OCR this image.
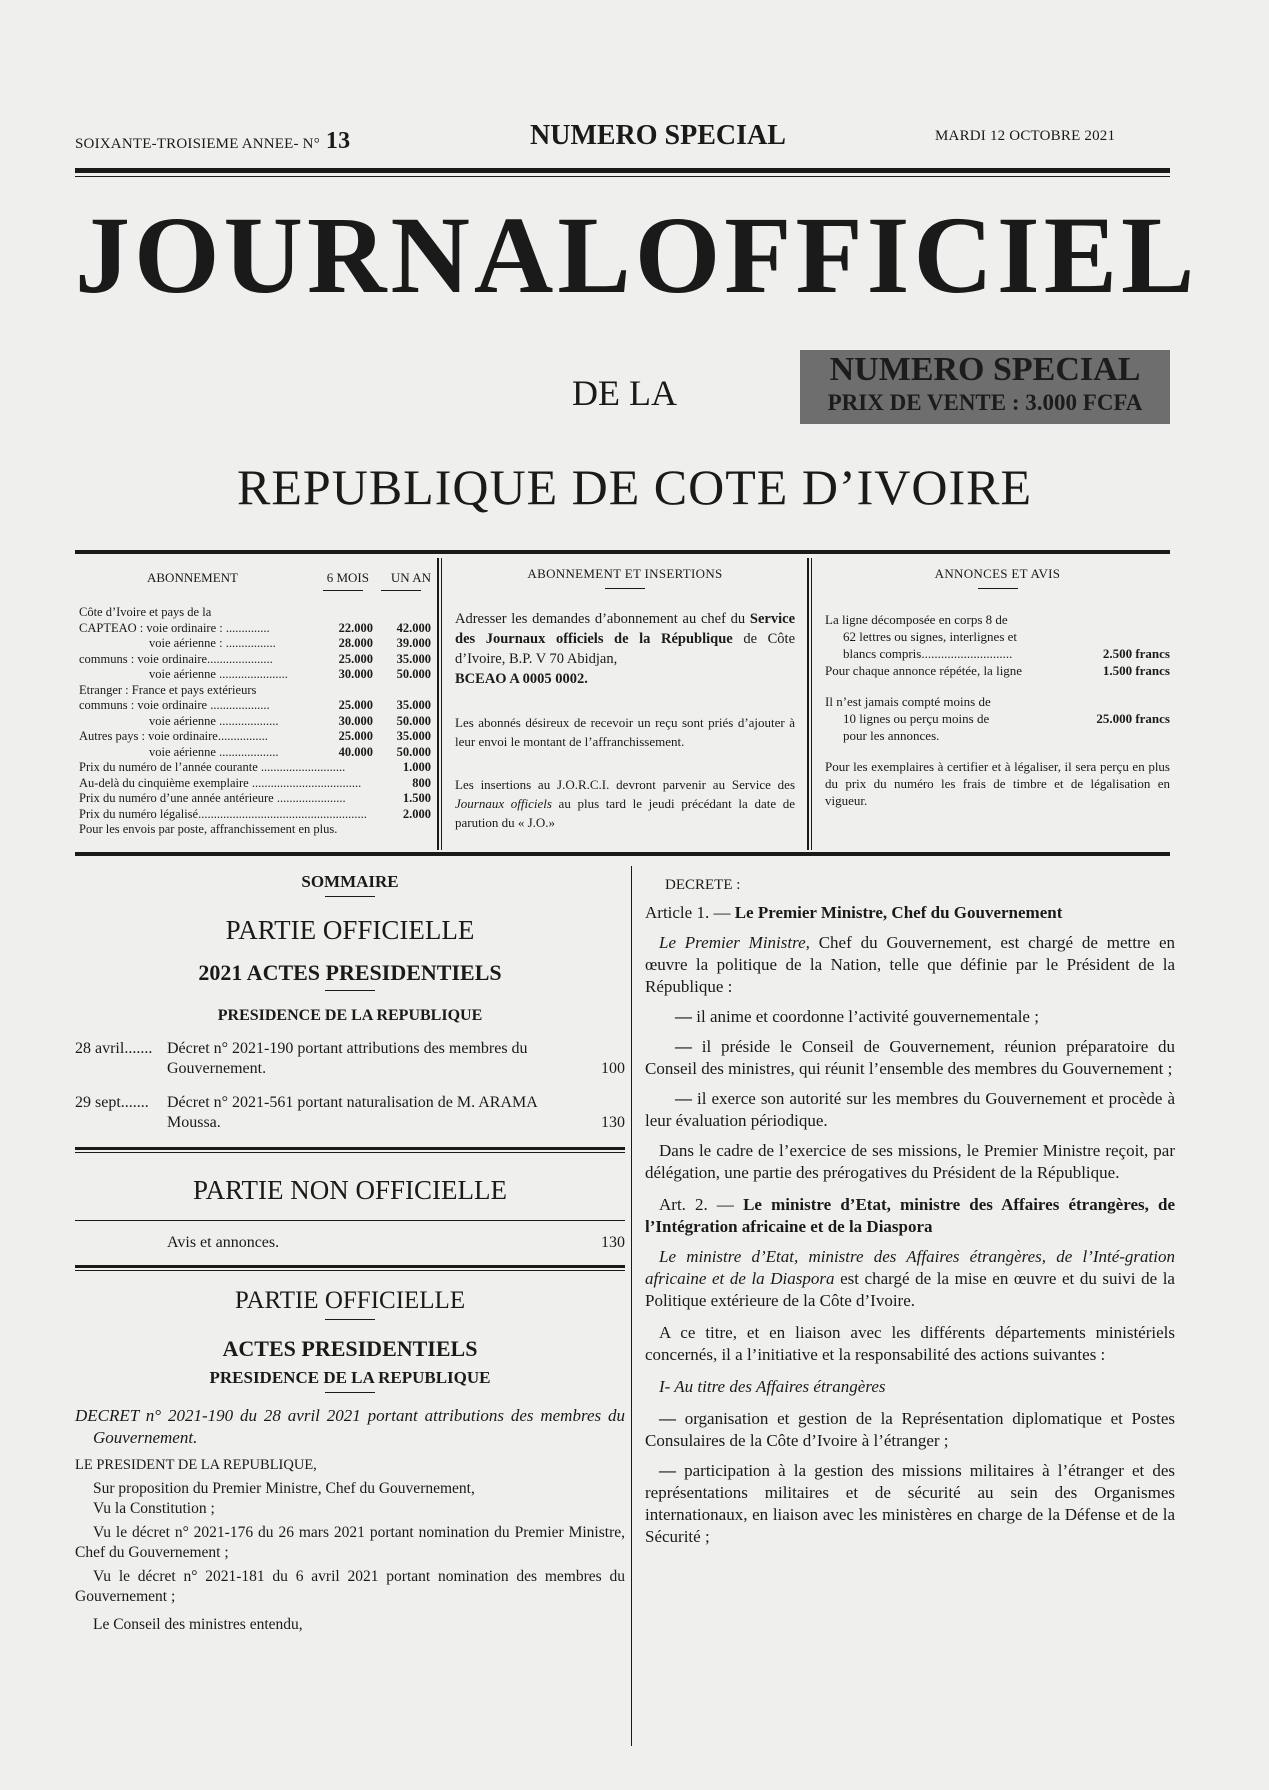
SOIXANTE-TROISIEME ANNEE- N° 13	NUMERO SPECIAL	MARDI 12 OCTOBRE 2021
JOURNAL OFFICIEL
DE LA
NUMERO SPECIAL
PRIX DE VENTE : 3.000 FCFA
REPUBLIQUE DE COTE D’IVOIRE
ABONNEMENT	6 MOIS	UN AN
Côte d’Ivoire et pays de la
CAPTEAO : voie ordinaire : ..............	22.000	42.000
voie aérienne : ................	28.000	39.000
communs : voie ordinaire.....................	25.000	35.000
voie aérienne ......................	30.000	50.000
Etranger : France et pays extérieurs
communs : voie ordinaire ...................	25.000	35.000
voie aérienne ...................	30.000	50.000
Autres pays : voie ordinaire................	25.000	35.000
voie aérienne ...................	40.000	50.000
Prix du numéro de l’année courante ...........................	1.000
Au-delà du cinquième exemplaire ...................................	800
Prix du numéro d’une année antérieure ......................	1.500
Prix du numéro légalisé......................................................	2.000
Pour les envois par poste, affranchissement en plus.
ABONNEMENT ET INSERTIONS

Adresser les demandes d’abonnement au chef du Service des Journaux officiels de la République de Côte d’Ivoire, B.P. V 70 Abidjan,
BCEAO A 0005 0002.

Les abonnés désireux de recevoir un reçu sont priés d’ajouter à leur envoi le montant de l’affranchissement.

Les insertions au J.O.R.C.I. devront parvenir au Service des Journaux officiels au plus tard le jeudi précédant la date de parution du « J.O.»

ANNONCES ET AVIS
La ligne décomposée en corps 8 de
62 lettres ou signes, interlignes et
blancs compris............................	2.500 francs
Pour chaque annonce répétée, la ligne	1.500 francs
Il n’est jamais compté moins de
10 lignes ou perçu moins de	25.000 francs
pour les annonces.
Pour les exemplaires à certifier et à légaliser, il sera perçu en plus du prix du numéro les frais de timbre et de légalisation en vigueur.
SOMMAIRE
PARTIE OFFICIELLE
2021 ACTES PRESIDENTIELS
PRESIDENCE DE LA REPUBLIQUE
28 avril....... Décret n° 2021-190 portant attributions des membres du Gouvernement.	100
29 sept.......	Décret n° 2021-561 portant naturalisation de M. ARAMA Moussa.	130
PARTIE NON OFFICIELLE
Avis et annonces.	130
PARTIE OFFICIELLE
ACTES PRESIDENTIELS
PRESIDENCE DE LA REPUBLIQUE

DECRET n° 2021-190 du 28 avril 2021 portant attributions des membres du Gouvernement.

LE PRESIDENT DE LA REPUBLIQUE,

Sur proposition du Premier Ministre, Chef du Gouvernement,

Vu la Constitution ;

Vu le décret n° 2021-176 du 26 mars 2021 portant nomination du Premier Ministre, Chef du Gouvernement ;

Vu le décret n° 2021-181 du 6 avril 2021 portant nomination des membres du Gouvernement ;

Le Conseil des ministres entendu,

DECRETE :

Article 1. — Le Premier Ministre, Chef du Gouvernement

Le Premier Ministre, Chef du Gouvernement, est chargé de mettre en œuvre la politique de la Nation, telle que définie par le Président de la République :

— il anime et coordonne l’activité gouvernementale ;

— il préside le Conseil de Gouvernement, réunion préparatoire du Conseil des ministres, qui réunit l’ensemble des membres du Gouvernement ;

— il exerce son autorité sur les membres du Gouvernement et procède à leur évaluation périodique.

Dans le cadre de l’exercice de ses missions, le Premier Ministre reçoit, par délégation, une partie des prérogatives du Président de la République.

Art. 2. — Le ministre d’Etat, ministre des Affaires étrangères, de l’Intégration africaine et de la Diaspora

Le ministre d’Etat, ministre des Affaires étrangères, de l’Inté-gration africaine et de la Diaspora est chargé de la mise en œuvre et du suivi de la Politique extérieure de la Côte d’Ivoire.

A ce titre, et en liaison avec les différents départements ministériels concernés, il a l’initiative et la responsabilité des actions suivantes :

I- Au titre des Affaires étrangères

— organisation et gestion de la Représentation diplomatique et Postes Consulaires de la Côte d’Ivoire à l’étranger ;

— participation à la gestion des missions militaires à l’étranger et des représentations militaires et de sécurité au sein des Organismes internationaux, en liaison avec les ministères en charge de la Défense et de la Sécurité ;
